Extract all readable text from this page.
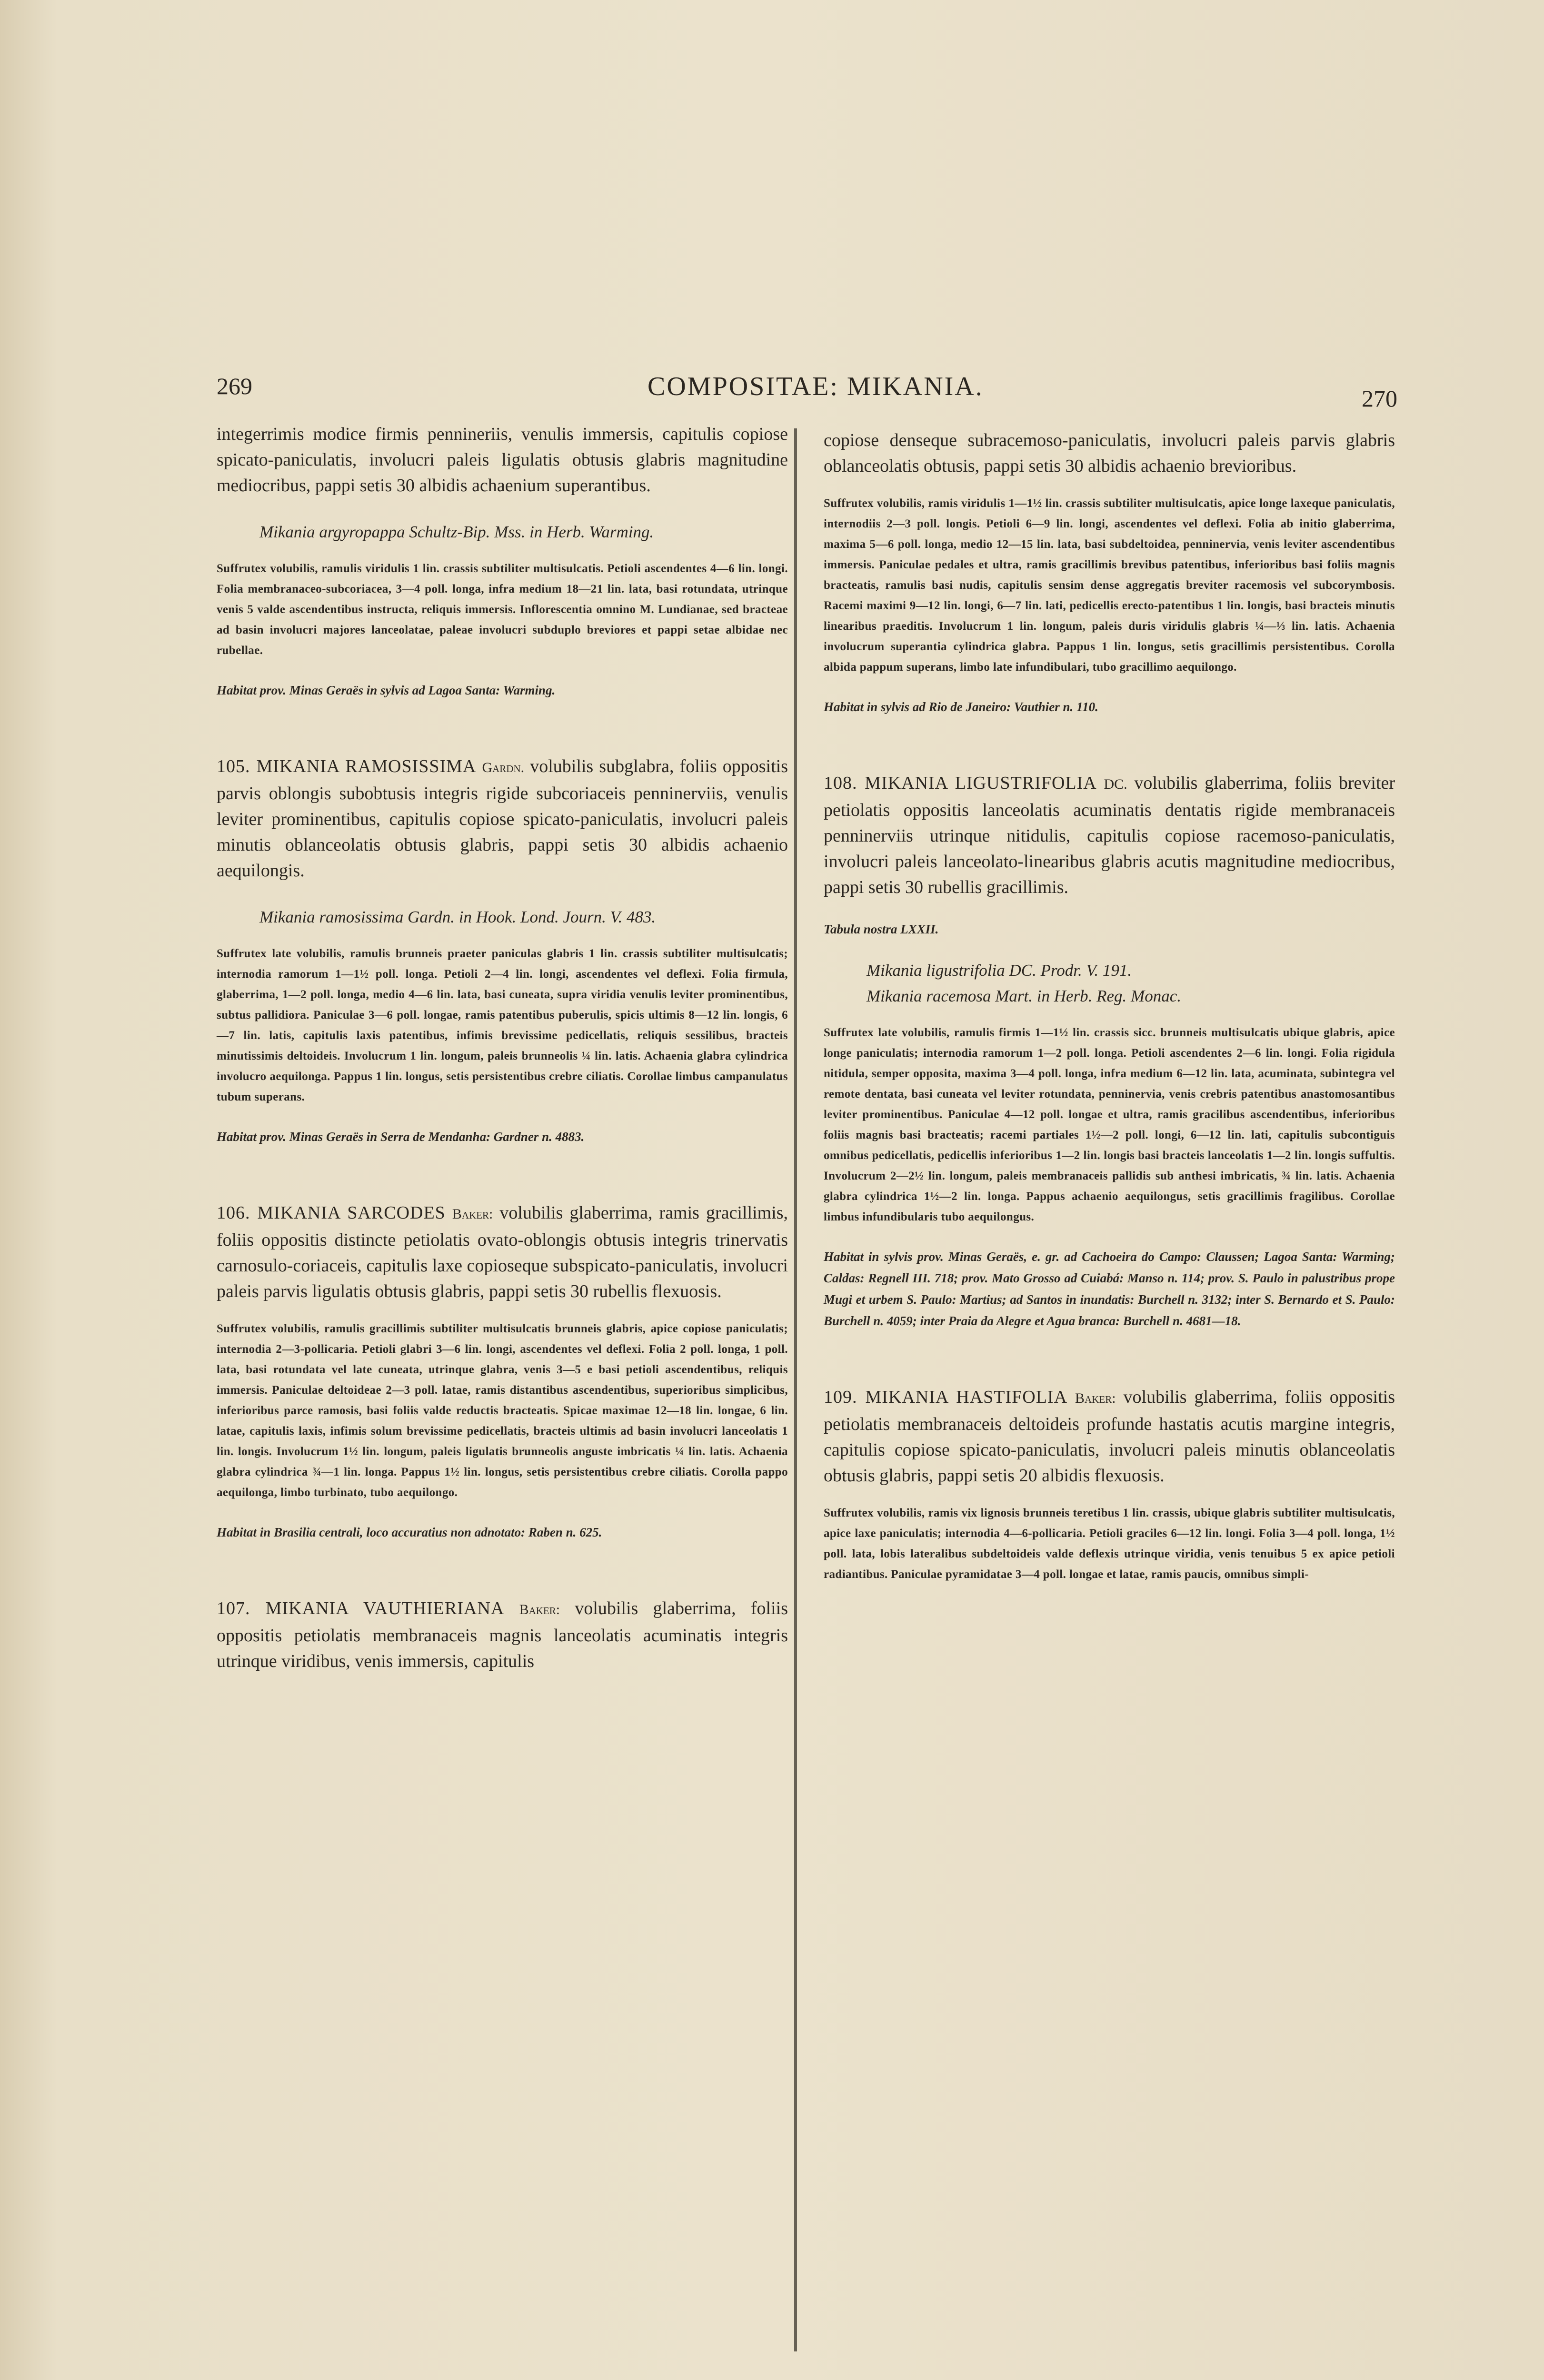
269	COMPOSITAE: MIKANIA.	270

integerrimis modice firmis pennineriis, venulis immersis, capitulis copiose spicato-paniculatis, involucri paleis ligulatis obtusis glabris magnitudine mediocribus, pappi setis 30 albidis achaenium superantibus.

Mikania argyropappa Schultz-Bip. Mss. in Herb. Warming.

Suffrutex volubilis, ramulis viridulis 1 lin. crassis subtiliter multisulcatis. Petioli ascendentes 4—6 lin. longi. Folia membranaceo-subcoriacea, 3—4 poll. longa, infra medium 18—21 lin. lata, basi rotundata, utrinque venis 5 valde ascendentibus instructa, reliquis immersis. Inflorescentia omnino M. Lundianae, sed bracteae ad basin involucri majores lanceolatae, paleae involucri subduplo breviores et pappi setae albidae nec rubellae.

Habitat prov. Minas Geraës in sylvis ad Lagoa Santa: Warming.

105. MIKANIA RAMOSISSIMA Gardn. volubilis subglabra, foliis oppositis parvis oblongis subobtusis integris rigide subcoriaceis penninerviis, venulis leviter prominentibus, capitulis copiose spicato-paniculatis, involucri paleis minutis oblanceolatis obtusis glabris, pappi setis 30 albidis achaenio aequilongis.

Mikania ramosissima Gardn. in Hook. Lond. Journ. V. 483.

Suffrutex late volubilis, ramulis brunneis praeter paniculas glabris 1 lin. crassis subtiliter multisulcatis; internodia ramorum 1—1½ poll. longa. Petioli 2—4 lin. longi, ascendentes vel deflexi. Folia firmula, glaberrima, 1—2 poll. longa, medio 4—6 lin. lata, basi cuneata, supra viridia venulis leviter prominentibus, subtus pallidiora. Paniculae 3—6 poll. longae, ramis patentibus puberulis, spicis ultimis 8—12 lin. longis, 6—7 lin. latis, capitulis laxis patentibus, infimis brevissime pedicellatis, reliquis sessilibus, bracteis minutissimis deltoideis. Involucrum 1 lin. longum, paleis brunneolis ¼ lin. latis. Achaenia glabra cylindrica involucro aequilonga. Pappus 1 lin. longus, setis persistentibus crebre ciliatis. Corollae limbus campanulatus tubum superans.

Habitat prov. Minas Geraës in Serra de Mendanha: Gardner n. 4883.

106. MIKANIA SARCODES Baker: volubilis glaberrima, ramis gracillimis, foliis oppositis distincte petiolatis ovato-oblongis obtusis integris trinervatis carnosulo-coriaceis, capitulis laxe copioseque subspicato-paniculatis, involucri paleis parvis ligulatis obtusis glabris, pappi setis 30 rubellis flexuosis.

Suffrutex volubilis, ramulis gracillimis subtiliter multisulcatis brunneis glabris, apice copiose paniculatis; internodia 2—3-pollicaria. Petioli glabri 3—6 lin. longi, ascendentes vel deflexi. Folia 2 poll. longa, 1 poll. lata, basi rotundata vel late cuneata, utrinque glabra, venis 3—5 e basi petioli ascendentibus, reliquis immersis. Paniculae deltoideae 2—3 poll. latae, ramis distantibus ascendentibus, superioribus simplicibus, inferioribus parce ramosis, basi foliis valde reductis bracteatis. Spicae maximae 12—18 lin. longae, 6 lin. latae, capitulis laxis, infimis solum brevissime pedicellatis, bracteis ultimis ad basin involucri lanceolatis 1 lin. longis. Involucrum 1½ lin. longum, paleis ligulatis brunneolis anguste imbricatis ¼ lin. latis. Achaenia glabra cylindrica ¾—1 lin. longa. Pappus 1½ lin. longus, setis persistentibus crebre ciliatis. Corolla pappo aequilonga, limbo turbinato, tubo aequilongo.

Habitat in Brasilia centrali, loco accuratius non adnotato: Raben n. 625.

107. MIKANIA VAUTHIERIANA Baker: volubilis glaberrima, foliis oppositis petiolatis membranaceis magnis lanceolatis acuminatis integris utrinque viridibus, venis immersis, capitulis

copiose denseque subracemoso-paniculatis, involucri paleis parvis glabris oblanceolatis obtusis, pappi setis 30 albidis achaenio brevioribus.

Suffrutex volubilis, ramis viridulis 1—1½ lin. crassis subtiliter multisulcatis, apice longe laxeque paniculatis, internodiis 2—3 poll. longis. Petioli 6—9 lin. longi, ascendentes vel deflexi. Folia ab initio glaberrima, maxima 5—6 poll. longa, medio 12—15 lin. lata, basi subdeltoidea, penninervia, venis leviter ascendentibus immersis. Paniculae pedales et ultra, ramis gracillimis brevibus patentibus, inferioribus basi foliis magnis bracteatis, ramulis basi nudis, capitulis sensim dense aggregatis breviter racemosis vel subcorymbosis. Racemi maximi 9—12 lin. longi, 6—7 lin. lati, pedicellis erecto-patentibus 1 lin. longis, basi bracteis minutis linearibus praeditis. Involucrum 1 lin. longum, paleis duris viridulis glabris ¼—⅓ lin. latis. Achaenia involucrum superantia cylindrica glabra. Pappus 1 lin. longus, setis gracillimis persistentibus. Corolla albida pappum superans, limbo late infundibulari, tubo gracillimo aequilongo.

Habitat in sylvis ad Rio de Janeiro: Vauthier n. 110.

108. MIKANIA LIGUSTRIFOLIA DC. volubilis glaberrima, foliis breviter petiolatis oppositis lanceolatis acuminatis dentatis rigide membranaceis penninerviis utrinque nitidulis, capitulis copiose racemoso-paniculatis, involucri paleis lanceolato-linearibus glabris acutis magnitudine mediocribus, pappi setis 30 rubellis gracillimis.

Tabula nostra LXXII.

Mikania ligustrifolia DC. Prodr. V. 191.

Mikania racemosa Mart. in Herb. Reg. Monac.

Suffrutex late volubilis, ramulis firmis 1—1½ lin. crassis sicc. brunneis multisulcatis ubique glabris, apice longe paniculatis; internodia ramorum 1—2 poll. longa. Petioli ascendentes 2—6 lin. longi. Folia rigidula nitidula, semper opposita, maxima 3—4 poll. longa, infra medium 6—12 lin. lata, acuminata, subintegra vel remote dentata, basi cuneata vel leviter rotundata, penninervia, venis crebris patentibus anastomosantibus leviter prominentibus. Paniculae 4—12 poll. longae et ultra, ramis gracilibus ascendentibus, inferioribus foliis magnis basi bracteatis; racemi partiales 1½—2 poll. longi, 6—12 lin. lati, capitulis subcontiguis omnibus pedicellatis, pedicellis inferioribus 1—2 lin. longis basi bracteis lanceolatis 1—2 lin. longis suffultis. Involucrum 2—2½ lin. longum, paleis membranaceis pallidis sub anthesi imbricatis, ¾ lin. latis. Achaenia glabra cylindrica 1½—2 lin. longa. Pappus achaenio aequilongus, setis gracillimis fragilibus. Corollae limbus infundibularis tubo aequilongus.

Habitat in sylvis prov. Minas Geraës, e. gr. ad Cachoeira do Campo: Claussen; Lagoa Santa: Warming; Caldas: Regnell III. 718; prov. Mato Grosso ad Cuiabá: Manso n. 114; prov. S. Paulo in palustribus prope Mugi et urbem S. Paulo: Martius; ad Santos in inundatis: Burchell n. 3132; inter S. Bernardo et S. Paulo: Burchell n. 4059; inter Praia da Alegre et Agua branca: Burchell n. 4681—18.

109. MIKANIA HASTIFOLIA Baker: volubilis glaberrima, foliis oppositis petiolatis membranaceis deltoideis profunde hastatis acutis margine integris, capitulis copiose spicato-paniculatis, involucri paleis minutis oblanceolatis obtusis glabris, pappi setis 20 albidis flexuosis.

Suffrutex volubilis, ramis vix lignosis brunneis teretibus 1 lin. crassis, ubique glabris subtiliter multisulcatis, apice laxe paniculatis; internodia 4—6-pollicaria. Petioli graciles 6—12 lin. longi. Folia 3—4 poll. longa, 1½ poll. lata, lobis lateralibus subdeltoideis valde deflexis utrinque viridia, venis tenuibus 5 ex apice petioli radiantibus. Paniculae pyramidatae 3—4 poll. longae et latae, ramis paucis, omnibus simpli-
